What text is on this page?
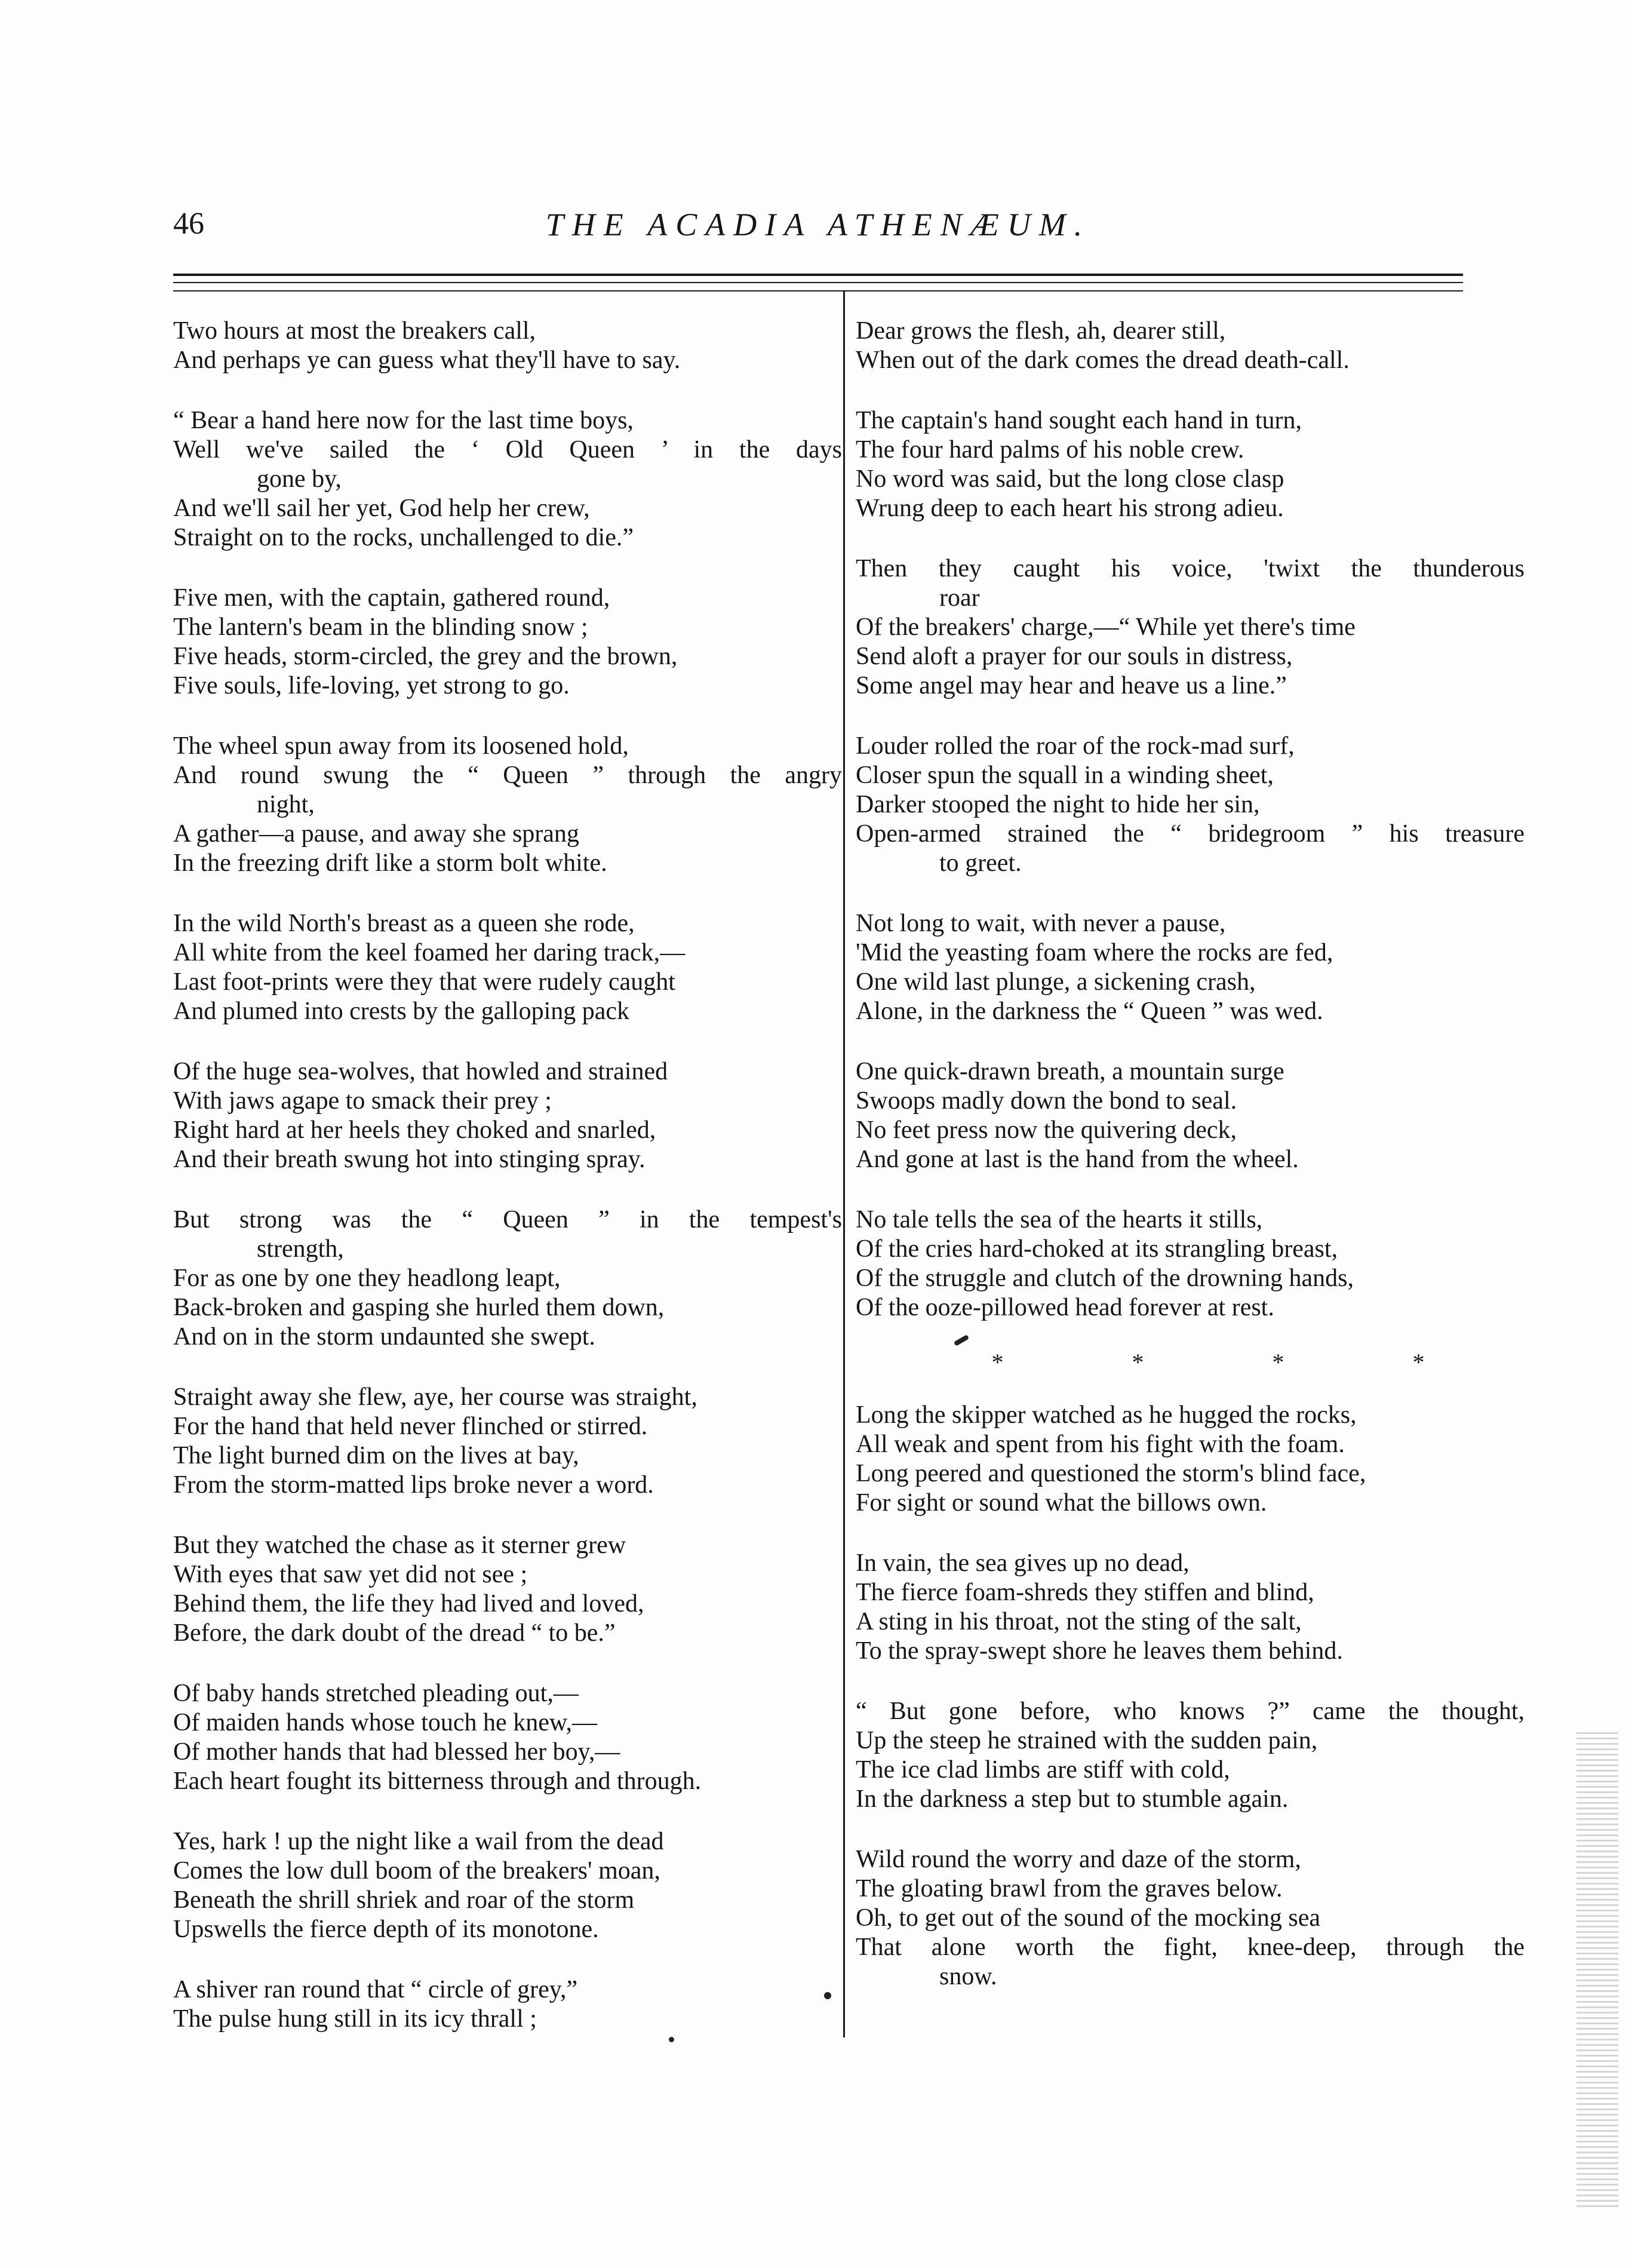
46	THE ACADIA ATHENÆUM.
Two hours at most the breakers call,
And perhaps ye can guess what they'll have to say.
“ Bear a hand here now for the last time boys,
Well we've sailed the ‘ Old Queen ’ in the days
gone by,
And we'll sail her yet, God help her crew,
Straight on to the rocks, unchallenged to die.”
Five men, with the captain, gathered round,
The lantern's beam in the blinding snow ;
Five heads, storm-circled, the grey and the brown,
Five souls, life-loving, yet strong to go.
The wheel spun away from its loosened hold,
And round swung the “ Queen ” through the angry
night,
A gather—a pause, and away she sprang
In the freezing drift like a storm bolt white.
In the wild North's breast as a queen she rode,
All white from the keel foamed her daring track,—
Last foot-prints were they that were rudely caught
And plumed into crests by the galloping pack
Of the huge sea-wolves, that howled and strained
With jaws agape to smack their prey ;
Right hard at her heels they choked and snarled,
And their breath swung hot into stinging spray.
But strong was the “ Queen ” in the tempest's
strength,
For as one by one they headlong leapt,
Back-broken and gasping she hurled them down,
And on in the storm undaunted she swept.
Straight away she flew, aye, her course was straight,
For the hand that held never flinched or stirred.
The light burned dim on the lives at bay,
From the storm-matted lips broke never a word.
But they watched the chase as it sterner grew
With eyes that saw yet did not see ;
Behind them, the life they had lived and loved,
Before, the dark doubt of the dread “ to be.”
Of baby hands stretched pleading out,—
Of maiden hands whose touch he knew,—
Of mother hands that had blessed her boy,—
Each heart fought its bitterness through and through.
Yes, hark ! up the night like a wail from the dead
Comes the low dull boom of the breakers' moan,
Beneath the shrill shriek and roar of the storm
Upswells the fierce depth of its monotone.
A shiver ran round that “ circle of grey,”
The pulse hung still in its icy thrall ;
Dear grows the flesh, ah, dearer still,
When out of the dark comes the dread death-call.
The captain's hand sought each hand in turn,
The four hard palms of his noble crew.
No word was said, but the long close clasp
Wrung deep to each heart his strong adieu.
Then they caught his voice, 'twixt the thunderous
roar
Of the breakers' charge,—“ While yet there's time
Send aloft a prayer for our souls in distress,
Some angel may hear and heave us a line.”
Louder rolled the roar of the rock-mad surf,
Closer spun the squall in a winding sheet,
Darker stooped the night to hide her sin,
Open-armed strained the “ bridegroom ” his treasure
to greet.
Not long to wait, with never a pause,
'Mid the yeasting foam where the rocks are fed,
One wild last plunge, a sickening crash,
Alone, in the darkness the “ Queen ” was wed.
One quick-drawn breath, a mountain surge
Swoops madly down the bond to seal.
No feet press now the quivering deck,
And gone at last is the hand from the wheel.
No tale tells the sea of the hearts it stills,
Of the cries hard-choked at its strangling breast,
Of the struggle and clutch of the drowning hands,
Of the ooze-pillowed head forever at rest.
*	*	*	*
Long the skipper watched as he hugged the rocks,
All weak and spent from his fight with the foam.
Long peered and questioned the storm's blind face,
For sight or sound what the billows own.
In vain, the sea gives up no dead,
The fierce foam-shreds they stiffen and blind,
A sting in his throat, not the sting of the salt,
To the spray-swept shore he leaves them behind.
“ But gone before, who knows ?” came the thought,
Up the steep he strained with the sudden pain,
The ice clad limbs are stiff with cold,
In the darkness a step but to stumble again.
Wild round the worry and daze of the storm,
The gloating brawl from the graves below.
Oh, to get out of the sound of the mocking sea
That alone worth the fight, knee-deep, through the
snow.
